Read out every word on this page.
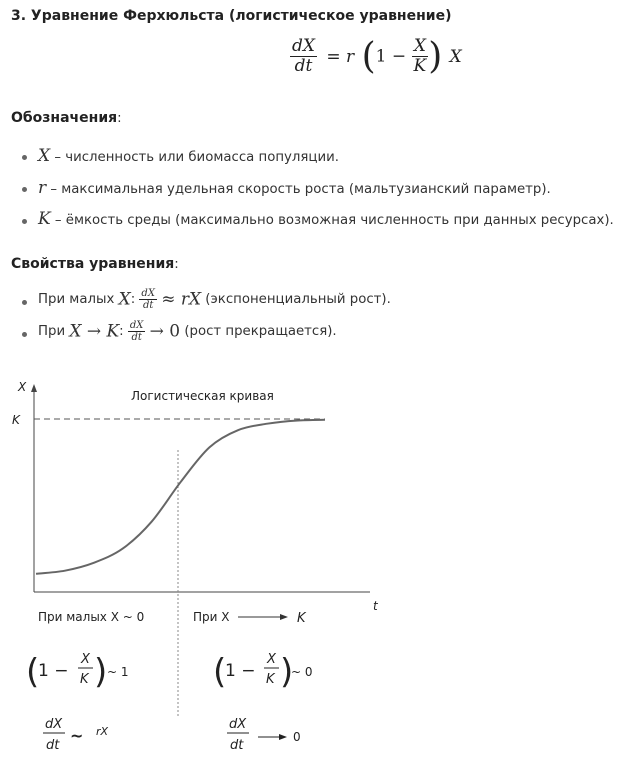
3. Уравнение Ферхюльста (логистическое уравнение)
$\frac{dX}{dt} = r$ ($1 - \frac{X}{K}$ ) X
Обозначения:
X – численность или биомасса популяции.
r – максимальная удельная скорость роста (мальтузианский параметр).
K – ёмкость среды (максимально возможная численность при данных ресурсах).
Свойства уравнения:
При малых X: $\frac{dX}{dt}$ ≈ rX (экспоненциальный рост).
При X → K: $\frac{dX}{dt} \to 0$ (рост прекращается).
X
K
Логистическая кривая
t
При малых X ~ 0	При X	K
(
1 −
X
K ) ~ 1 (
1 −
X
K )
~ 0
dX
dt
~ rX	dX
dt
0
